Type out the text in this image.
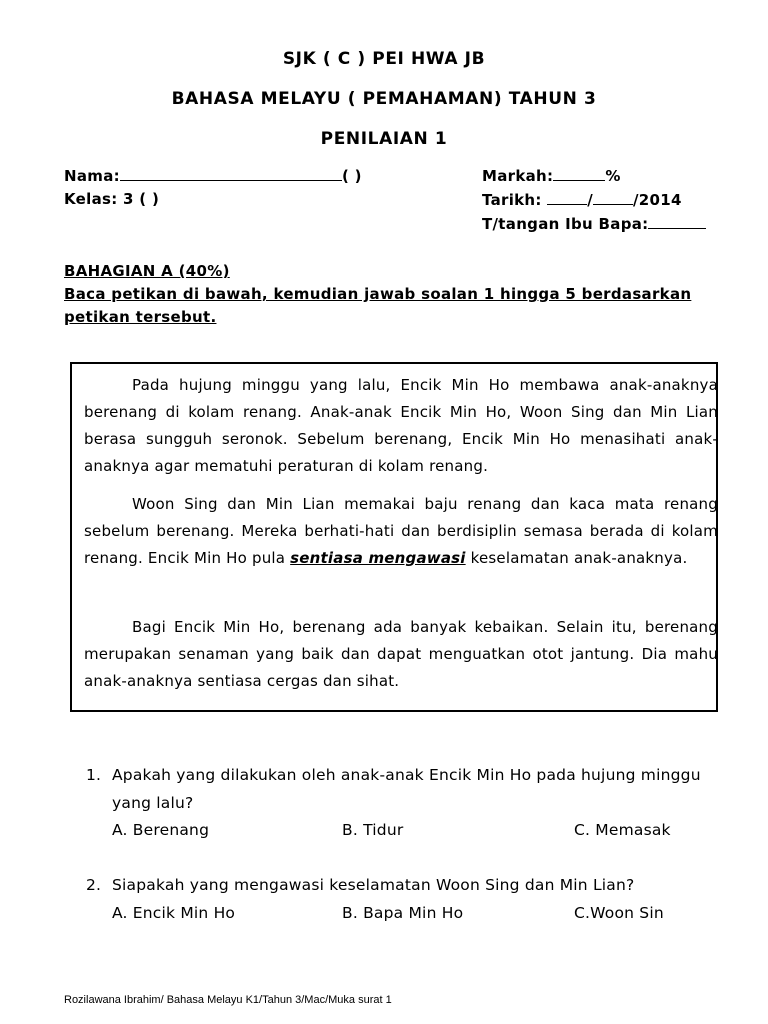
SJK ( C ) PEI HWA JB
BAHASA MELAYU ( PEMAHAMAN) TAHUN 3
PENILAIAN 1
Nama:	( )
Kelas: 3 ( )
Markah:	%
Tarikh:	/	/2014
T/tangan Ibu Bapa:
BAHAGIAN A (40%)
Baca petikan di bawah, kemudian jawab soalan 1 hingga 5 berdasarkan
petikan tersebut.
Pada hujung minggu yang lalu, Encik Min Ho membawa anak-anaknya berenang di kolam renang. Anak-anak Encik Min Ho, Woon Sing dan Min Lian berasa sungguh seronok. Sebelum berenang, Encik Min Ho menasihati anak-anaknya agar mematuhi peraturan di kolam renang.
Woon Sing dan Min Lian memakai baju renang dan kaca mata renang sebelum berenang. Mereka berhati-hati dan berdisiplin semasa berada di kolam renang. Encik Min Ho pula sentiasa mengawasi keselamatan anak-anaknya.
Bagi Encik Min Ho, berenang ada banyak kebaikan. Selain itu, berenang merupakan senaman yang baik dan dapat menguatkan otot jantung. Dia mahu anak-anaknya sentiasa cergas dan sihat.
1. Apakah yang dilakukan oleh anak-anak Encik Min Ho pada hujung minggu
yang lalu?
A. Berenang	B. Tidur	C. Memasak
2. Siapakah yang mengawasi keselamatan Woon Sing dan Min Lian?
A. Encik Min Ho	B. Bapa Min Ho	C.Woon Sin
Rozilawana Ibrahim/ Bahasa Melayu K1/Tahun 3/Mac/Muka surat 1
